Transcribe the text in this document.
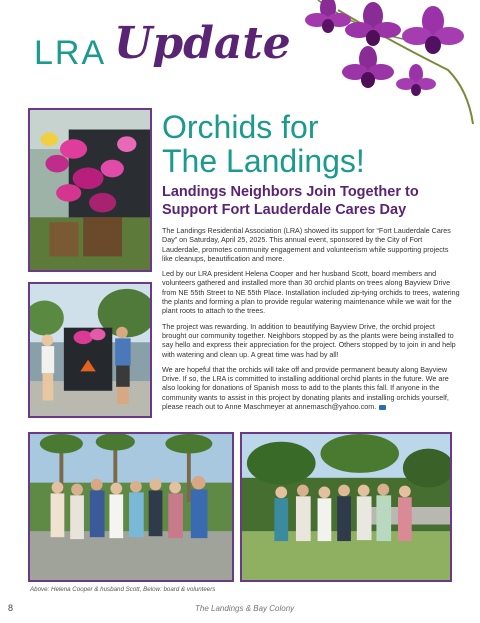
LRA Update
Orchids for
The Landings!
Landings Neighbors Join Together to
Support Fort Lauderdale Cares Day

The Landings Residential Association (LRA) showed its support for “Fort Lauderdale Cares Day” on Saturday, April 25, 2025. This annual event, sponsored by the City of Fort Lauderdale, promotes community engagement and volunteerism while supporting projects like cleanups, beautification and more.

Led by our LRA president Helena Cooper and her husband Scott, board members and volunteers gathered and installed more than 30 orchid plants on trees along Bayview Drive from NE 55th Street to NE 55th Place. Installation included zip-tying orchids to trees, watering the plants and forming a plan to provide regular watering maintenance while we wait for the plant roots to attach to the trees.

The project was rewarding. In addition to beautifying Bayview Drive, the orchid project brought our community together. Neighbors stopped by as the plants were being installed to say hello and express their appreciation for the project. Others stopped by to join in and help with watering and clean up. A great time was had by all!

We are hopeful that the orchids will take off and provide permanent beauty along Bayview Drive. If so, the LRA is committed to installing additional orchid plants in the future. We are also looking for donations of Spanish moss to add to the plants this fall. If anyone in the community wants to assist in this project by donating plants and installing orchids yourself, please reach out to Anne Maschmeyer at annemasch@yahoo.com.

Above: Helena Cooper & husband Scott, Below: board & volunteers
8	The Landings & Bay Colony
